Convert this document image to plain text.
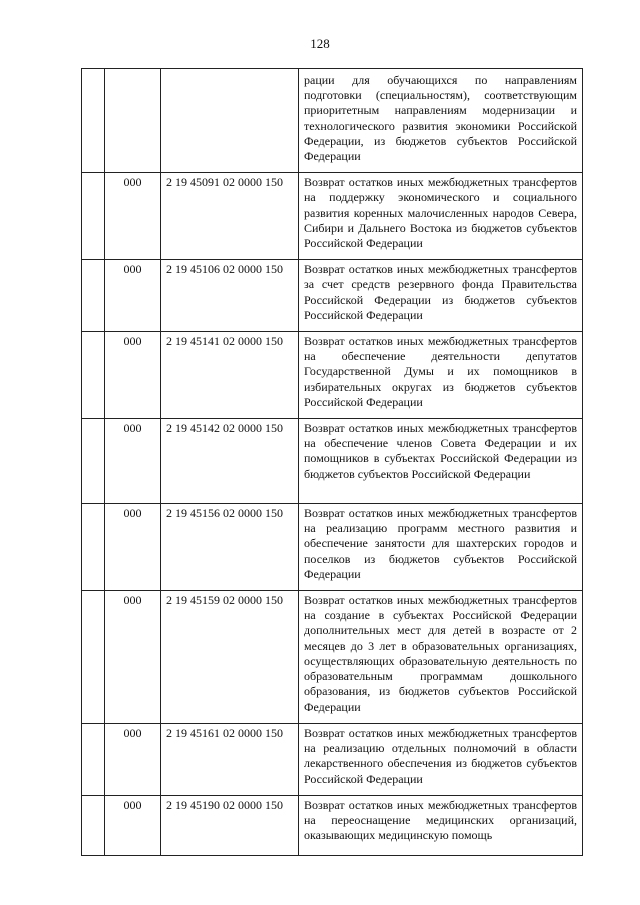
128

			рации для обучающихся по направлениям подготовки (специальностям), соответствующим приоритетным направлениям модернизации и технологического развития экономики Российской Федерации, из бюджетов субъектов Российской Федерации

	000	2 19 45091 02 0000 150	Возврат остатков иных межбюджетных трансфертов на поддержку экономического и социального развития коренных малочисленных народов Севера, Сибири и Дальнего Востока из бюджетов субъектов Российской Федерации

	000	2 19 45106 02 0000 150	Возврат остатков иных межбюджетных трансфертов за счет средств резервного фонда Правительства Российской Федерации из бюджетов субъектов Российской Федерации

	000	2 19 45141 02 0000 150	Возврат остатков иных межбюджетных трансфертов на обеспечение деятельности депутатов Государственной Думы и их помощников в избирательных округах из бюджетов субъектов Российской Федерации

	000	2 19 45142 02 0000 150	Возврат остатков иных межбюджетных трансфертов на обеспечение членов Совета Федерации и их помощников в субъектах Российской Федерации из бюджетов субъектов Российской Федерации

	000	2 19 45156 02 0000 150	Возврат остатков иных межбюджетных трансфертов на реализацию программ местного развития и обеспечение занятости для шахтерских городов и поселков из бюджетов субъектов Российской Федерации

	000	2 19 45159 02 0000 150	Возврат остатков иных межбюджетных трансфертов на создание в субъектах Российской Федерации дополнительных мест для детей в возрасте от 2 месяцев до 3 лет в образовательных организациях, осуществляющих образовательную деятельность по образовательным программам дошкольного образования, из бюджетов субъектов Российской Федерации

	000	2 19 45161 02 0000 150	Возврат остатков иных межбюджетных трансфертов на реализацию отдельных полномочий в области лекарственного обеспечения из бюджетов субъектов Российской Федерации

	000	2 19 45190 02 0000 150	Возврат остатков иных межбюджетных трансфертов на переоснащение медицинских организаций, оказывающих медицинскую помощь
